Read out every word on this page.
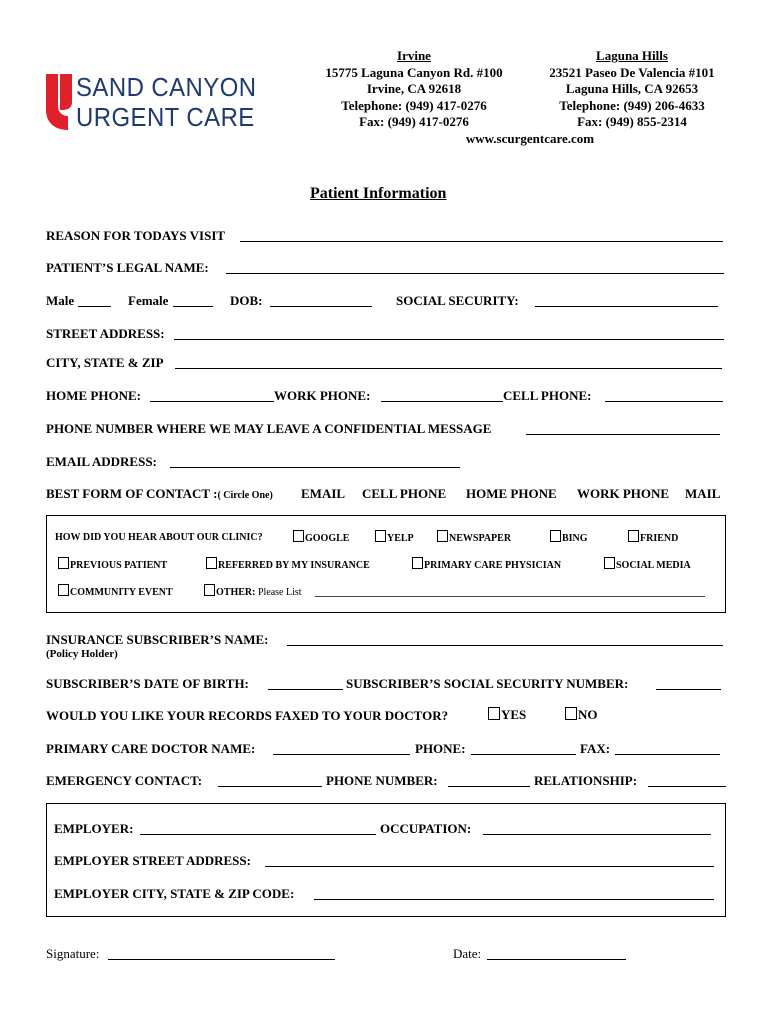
SAND CANYON
URGENT CARE
Irvine
15775 Laguna Canyon Rd. #100
Irvine, CA 92618
Telephone: (949) 417-0276
Fax: (949) 417-0276
Laguna Hills
23521 Paseo De Valencia #101
Laguna Hills, CA 92653
Telephone: (949) 206-4633
Fax: (949) 855-2314
www.scurgentcare.com
Patient Information
REASON FOR TODAYS VISIT
PATIENT’S LEGAL NAME:
Male	Female	DOB:	SOCIAL SECURITY:
STREET ADDRESS:
CITY, STATE & ZIP
HOME PHONE:	WORK PHONE:	CELL PHONE:
PHONE NUMBER WHERE WE MAY LEAVE A CONFIDENTIAL MESSAGE
EMAIL ADDRESS:
BEST FORM OF CONTACT :( Circle One) EMAIL CELL PHONE HOME PHONE WORK PHONE MAIL
HOW DID YOU HEAR ABOUT OUR CLINIC?	GOOGLE	YELP	NEWSPAPER	BING	FRIEND
PREVIOUS PATIENT	REFERRED BY MY INSURANCE	PRIMARY CARE PHYSICIAN	SOCIAL MEDIA
COMMUNITY EVENT	OTHER: Please List
INSURANCE SUBSCRIBER’S NAME:
(Policy Holder)
SUBSCRIBER’S DATE OF BIRTH:	SUBSCRIBER’S SOCIAL SECURITY NUMBER:
WOULD YOU LIKE YOUR RECORDS FAXED TO YOUR DOCTOR?	YES	NO
PRIMARY CARE DOCTOR NAME:	PHONE:	FAX:
EMERGENCY CONTACT:	PHONE NUMBER:	RELATIONSHIP:
EMPLOYER:	OCCUPATION:
EMPLOYER STREET ADDRESS:
EMPLOYER CITY, STATE & ZIP CODE:
Signature:	Date:
